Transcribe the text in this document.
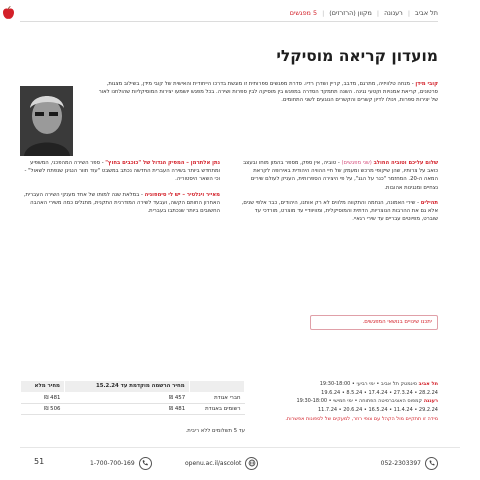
תל אביב | רענונה | מקוון (הרזרזים) | 5 מפגשים
מועדון קריאה מוסיקלי
קובי מידן - מנחה טלוויזיה, מתרגם, מדבב, קריין ושדרן רדיו. סדרת מפגשים ספרותית זו מוגשת בדרכו הייחודית והאישית של קובי מידן, בשילוב מצגות, סרטונים, קריאת אמנויות וקטעי נגינה. השנה תתמקד הסדרה במפגש בין מוסיקה לבין ספרות ושירה. בכל מפגש יושמעו יצירות המוסיקליות שהולחנו לאור של יצירות ספרות, וינולו לדיון קשרים והקשרים הנוגעים לשני התחומים.
שלום עליכם וטוביה החולב (שני מפגשים) - טוביה, אין ספק, מספר בהמון מוחו ובעצב כואב על צרותיו, שהן שיקופי מרכש ומעמק של חיי ההוויה היהודית באירופה לקראת המאה ה-20. המחזמר "כנר על הגג", על פי היצירה הספרותית, העניק לעולם שירים נצחיים ומנגינות אהובות.
תהילים - שירי האמונה, הנחמה והתקווה מלווים לא רק אותנו, היהודים, כבר אלפי שנים, אלא גם את ההרבות הנוצריות, הדתית והמוסיקלית, ומוויוודיי עד מוצרט, מורדכי עד שוברט, מפיוטים עבריים עד שירי רגאיי.
נתן אלתרמן – המפיק הגדול של "כוכבים בחוץ" - ספר השירה המהפכני, המשפיע ומתחדש ביותר בשירה העברית החדשה נכתב במשבט "עוד תוור הנגינן שנפתח לשאול" - וכי השאר היסטוריה.
מאייר וינלטיר – יש לי סימפוניה - במלאת שנה למותו של אחד מענקי השירה העברית, האחרון החותם הקשה, ועבעד לשירה המודרנית התקנית, מתנלים כמה משירי האהבה החשובים ביותר שנכתבו בעברית.
יתכנו שינויים בנושאי המפגשים.
תל אביב סינמטק תל אביב • ימי רביעי • 19:30-18:00
28.2.24 • 27.3.24 • 17.4.24 • 8.5.24 • 19.6.24
רעננה קמפוס האוניברסיטה הפתוחה • ימי חמישי • 19:30-18:00
29.2.24 • 11.4.24 • 16.5.24 • 20.6.24 • 11.7.24
מידה זו תתקיים מול הקהל עם צופי רוזר, למעקים של לספונות אפשרות.
	מחיר הרשמה מוקדמת עד 15.2.24	מחיר מלא
חברי אגודת	457 ₪	481 ₪
רשומים באגודת	481 ₪	506 ₪
עד 5 תשלומים ללא ריבית.
052-2303397
openu.ac.il/ascolot
1-700-700-169
51
